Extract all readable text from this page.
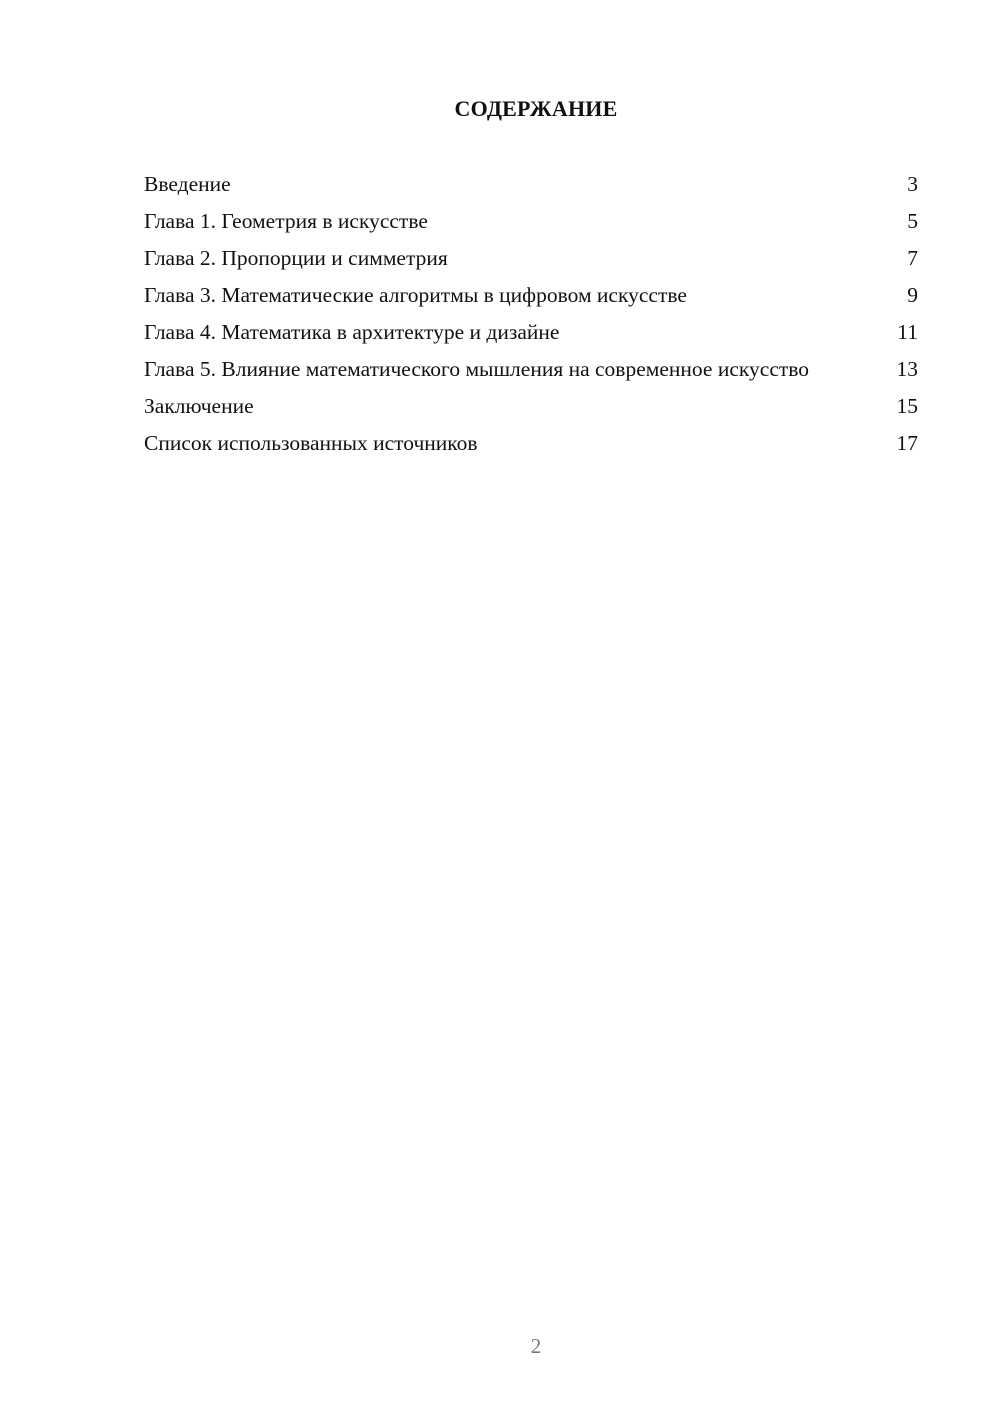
СОДЕРЖАНИЕ
Введение	3
Глава 1. Геометрия в искусстве	5
Глава 2. Пропорции и симметрия	7
Глава 3. Математические алгоритмы в цифровом искусстве	9
Глава 4. Математика в архитектуре и дизайне	11
Глава 5. Влияние математического мышления на современное искусство	13
Заключение	15
Список использованных источников	17
2
